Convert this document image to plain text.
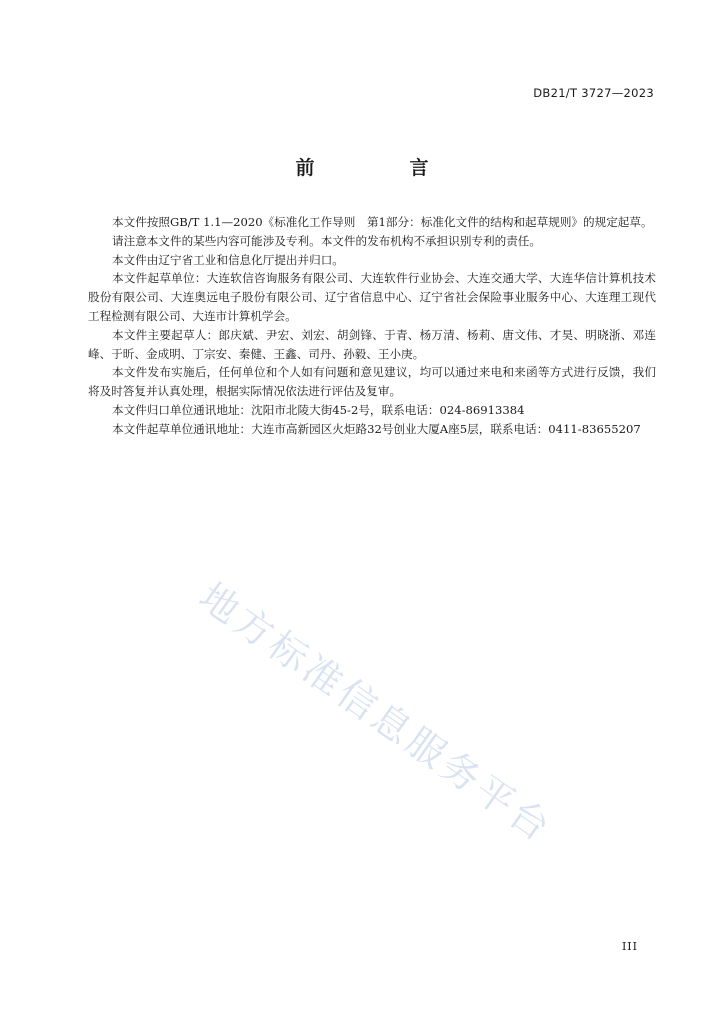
DB21/T 3727—2023
前　言

本文件按照GB/T 1.1—2020《标准化工作导则　第1部分：标准化文件的结构和起草规则》的规定起草。

请注意本文件的某些内容可能涉及专利。本文件的发布机构不承担识别专利的责任。

本文件由辽宁省工业和信息化厅提出并归口。

本文件起草单位：大连软信咨询服务有限公司、大连软件行业协会、大连交通大学、大连华信计算机技术股份有限公司、大连奥远电子股份有限公司、辽宁省信息中心、辽宁省社会保险事业服务中心、大连理工现代工程检测有限公司、大连市计算机学会。

本文件主要起草人：郎庆斌、尹宏、刘宏、胡剑锋、于青、杨万清、杨莉、唐文伟、才昊、明晓浙、邓连峰、于昕、金成明、丁宗安、秦健、王鑫、司丹、孙毅、王小庚。

本文件发布实施后，任何单位和个人如有问题和意见建议，均可以通过来电和来函等方式进行反馈，我们将及时答复并认真处理，根据实际情况依法进行评估及复审。

本文件归口单位通讯地址：沈阳市北陵大街45-2号，联系电话：024-86913384

本文件起草单位通讯地址：大连市高新园区火炬路32号创业大厦A座5层，联系电话：0411-83655207

地方标准信息服务平台
III
